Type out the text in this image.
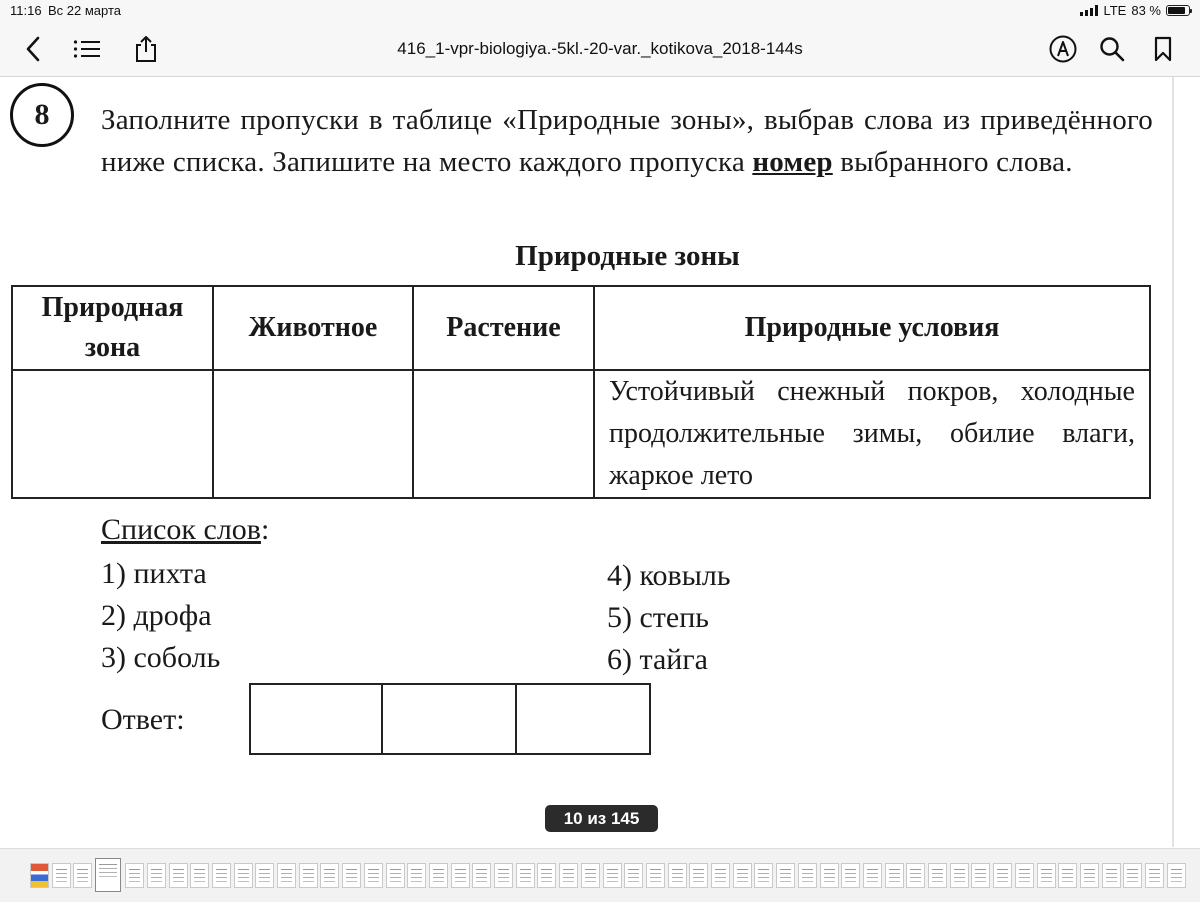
11:16 Вс 22 марта	LTE 83 %
416_1-vpr-biologiya.-5kl.-20-var._kotikova_2018-144s
8	Заполните пропуски в таблице «Природные зоны», выбрав слова из приведённого ниже списка. Запишите на место каждого пропуска номер выбранного слова.
Природные зоны
Природная зона	Животное	Растение	Природные условия
			Устойчивый снежный покров, холодные продолжительные зимы, обилие влаги, жаркое лето
Список слов:
1) пихта
2) дрофа
3) соболь
4) ковыль
5) степь
6) тайга
Ответ:
10 из 145
